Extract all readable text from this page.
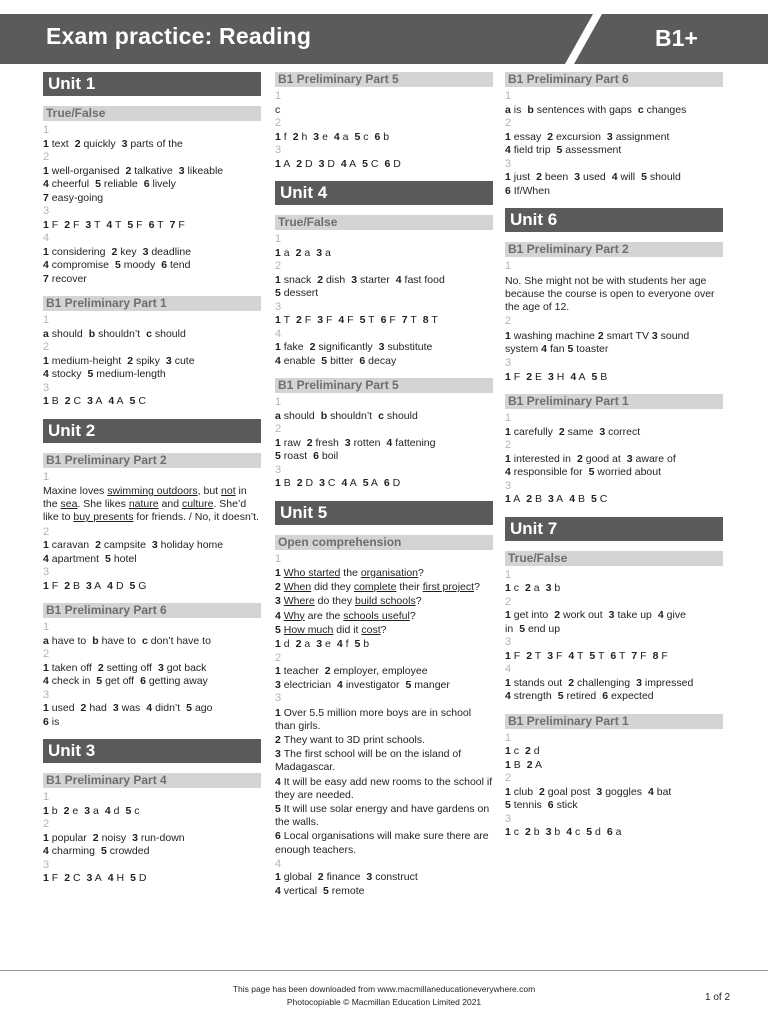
Exam practice: Reading	B1+
Unit 1
True/False
1
1 text 2 quickly 3 parts of the
2
1 well-organised 2 talkative 3 likeable
4 cheerful 5 reliable 6 lively
7 easy-going
3
1 F 2 F 3 T 4 T 5 F 6 T 7 F
4
1 considering 2 key 3 deadline
4 compromise 5 moody 6 tend
7 recover
B1 Preliminary Part 1
1
a should b shouldn’t c should
2
1 medium-height 2 spiky 3 cute
4 stocky 5 medium-length
3
1 B 2 C 3 A 4 A 5 C
Unit 2
B1 Preliminary Part 2
1
Maxine loves swimming outdoors, but not in the sea. She likes nature and culture. She’d like to buy presents for friends. / No, it doesn’t.
2
1 caravan 2 campsite 3 holiday home
4 apartment 5 hotel
3
1 F 2 B 3 A 4 D 5 G
B1 Preliminary Part 6
1
a have to b have to c don’t have to
2
1 taken off 2 setting off 3 got back
4 check in 5 get off 6 getting away
3
1 used 2 had 3 was 4 didn’t 5 ago
6 is
Unit 3
B1 Preliminary Part 4
1
1 b 2 e 3 a 4 d 5 c
2
1 popular 2 noisy 3 run-down
4 charming 5 crowded
3
1 F 2 C 3 A 4 H 5 D
B1 Preliminary Part 5
1
c
2
1 f 2 h 3 e 4 a 5 c 6 b
3
1 A 2 D 3 D 4 A 5 C 6 D
Unit 4
True/False
1
1 a 2 a 3 a
2
1 snack 2 dish 3 starter 4 fast food
5 dessert
3
1 T 2 F 3 F 4 F 5 T 6 F 7 T 8 T
4
1 fake 2 significantly 3 substitute
4 enable 5 bitter 6 decay
B1 Preliminary Part 5
1
a should b shouldn’t c should
2
1 raw 2 fresh 3 rotten 4 fattening
5 roast 6 boil
3
1 B 2 D 3 C 4 A 5 A 6 D
Unit 5
Open comprehension
1
1 Who started the organisation?
2 When did they complete their first project?
3 Where do they build schools?
4 Why are the schools useful?
5 How much did it cost?
1 d 2 a 3 e 4 f 5 b
2
1 teacher 2 employer, employee
3 electrician 4 investigator 5 manger
3
1 Over 5.5 million more boys are in school than girls.
2 They want to 3D print schools.
3 The first school will be on the island of Madagascar.
4 It will be easy add new rooms to the school if they are needed.
5 It will use solar energy and have gardens on the walls.
6 Local organisations will make sure there are enough teachers.
4
1 global 2 finance 3 construct
4 vertical 5 remote
B1 Preliminary Part 6
1
a is b sentences with gaps c changes
2
1 essay 2 excursion 3 assignment
4 field trip 5 assessment
3
1 just 2 been 3 used 4 will 5 should
6 If/When
Unit 6
B1 Preliminary Part 2
1
No. She might not be with students her age because the course is open to everyone over the age of 12.
2
1 washing machine 2 smart TV 3 sound system 4 fan 5 toaster
3
1 F 2 E 3 H 4 A 5 B
B1 Preliminary Part 1
1
1 carefully 2 same 3 correct
2
1 interested in 2 good at 3 aware of
4 responsible for 5 worried about
3
1 A 2 B 3 A 4 B 5 C
Unit 7
True/False
1
1 c 2 a 3 b
2
1 get into 2 work out 3 take up 4 give
in 5 end up
3
1 F 2 T 3 F 4 T 5 T 6 T 7 F 8 F
4
1 stands out 2 challenging 3 impressed
4 strength 5 retired 6 expected
B1 Preliminary Part 1
1
1 c 2 d
1 B 2 A
2
1 club 2 goal post 3 goggles 4 bat
5 tennis 6 stick
3
1 c 2 b 3 b 4 c 5 d 6 a
This page has been downloaded from www.macmillaneducationeverywhere.com
Photocopiable © Macmillan Education Limited 2021	1 of 2
